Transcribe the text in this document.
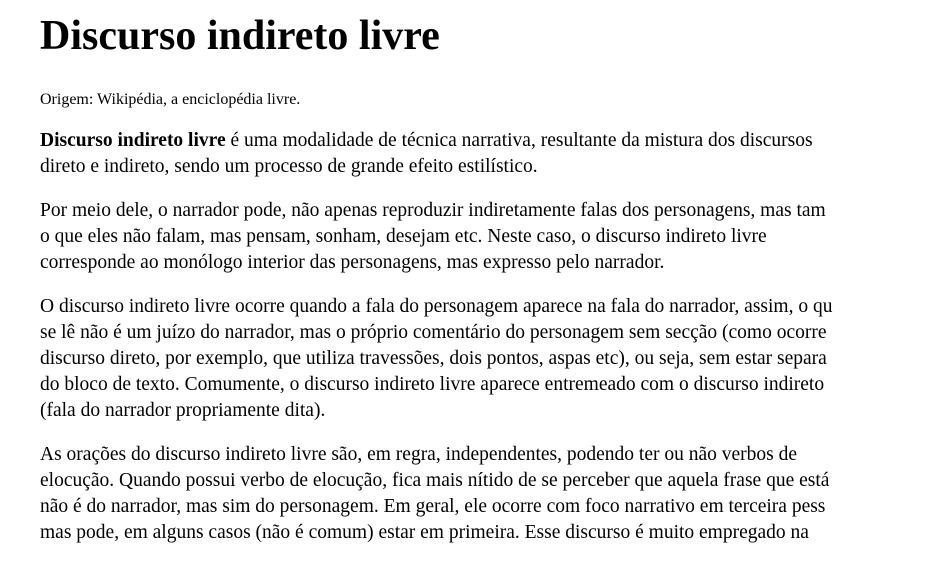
Discurso indireto livre
Origem: Wikipédia, a enciclopédia livre.

Discurso indireto livre é uma modalidade de técnica narrativa, resultante da mistura dos discursos
direto e indireto, sendo um processo de grande efeito estilístico.

Por meio dele, o narrador pode, não apenas reproduzir indiretamente falas dos personagens, mas tam
o que eles não falam, mas pensam, sonham, desejam etc. Neste caso, o discurso indireto livre
corresponde ao monólogo interior das personagens, mas expresso pelo narrador.

O discurso indireto livre ocorre quando a fala do personagem aparece na fala do narrador, assim, o qu
se lê não é um juízo do narrador, mas o próprio comentário do personagem sem secção (como ocorre
discurso direto, por exemplo, que utiliza travessões, dois pontos, aspas etc), ou seja, sem estar separa
do bloco de texto. Comumente, o discurso indireto livre aparece entremeado com o discurso indireto
(fala do narrador propriamente dita).

As orações do discurso indireto livre são, em regra, independentes, podendo ter ou não verbos de
elocução. Quando possui verbo de elocução, fica mais nítido de se perceber que aquela frase que está
não é do narrador, mas sim do personagem. Em geral, ele ocorre com foco narrativo em terceira pess
mas pode, em alguns casos (não é comum) estar em primeira. Esse discurso é muito empregado na
